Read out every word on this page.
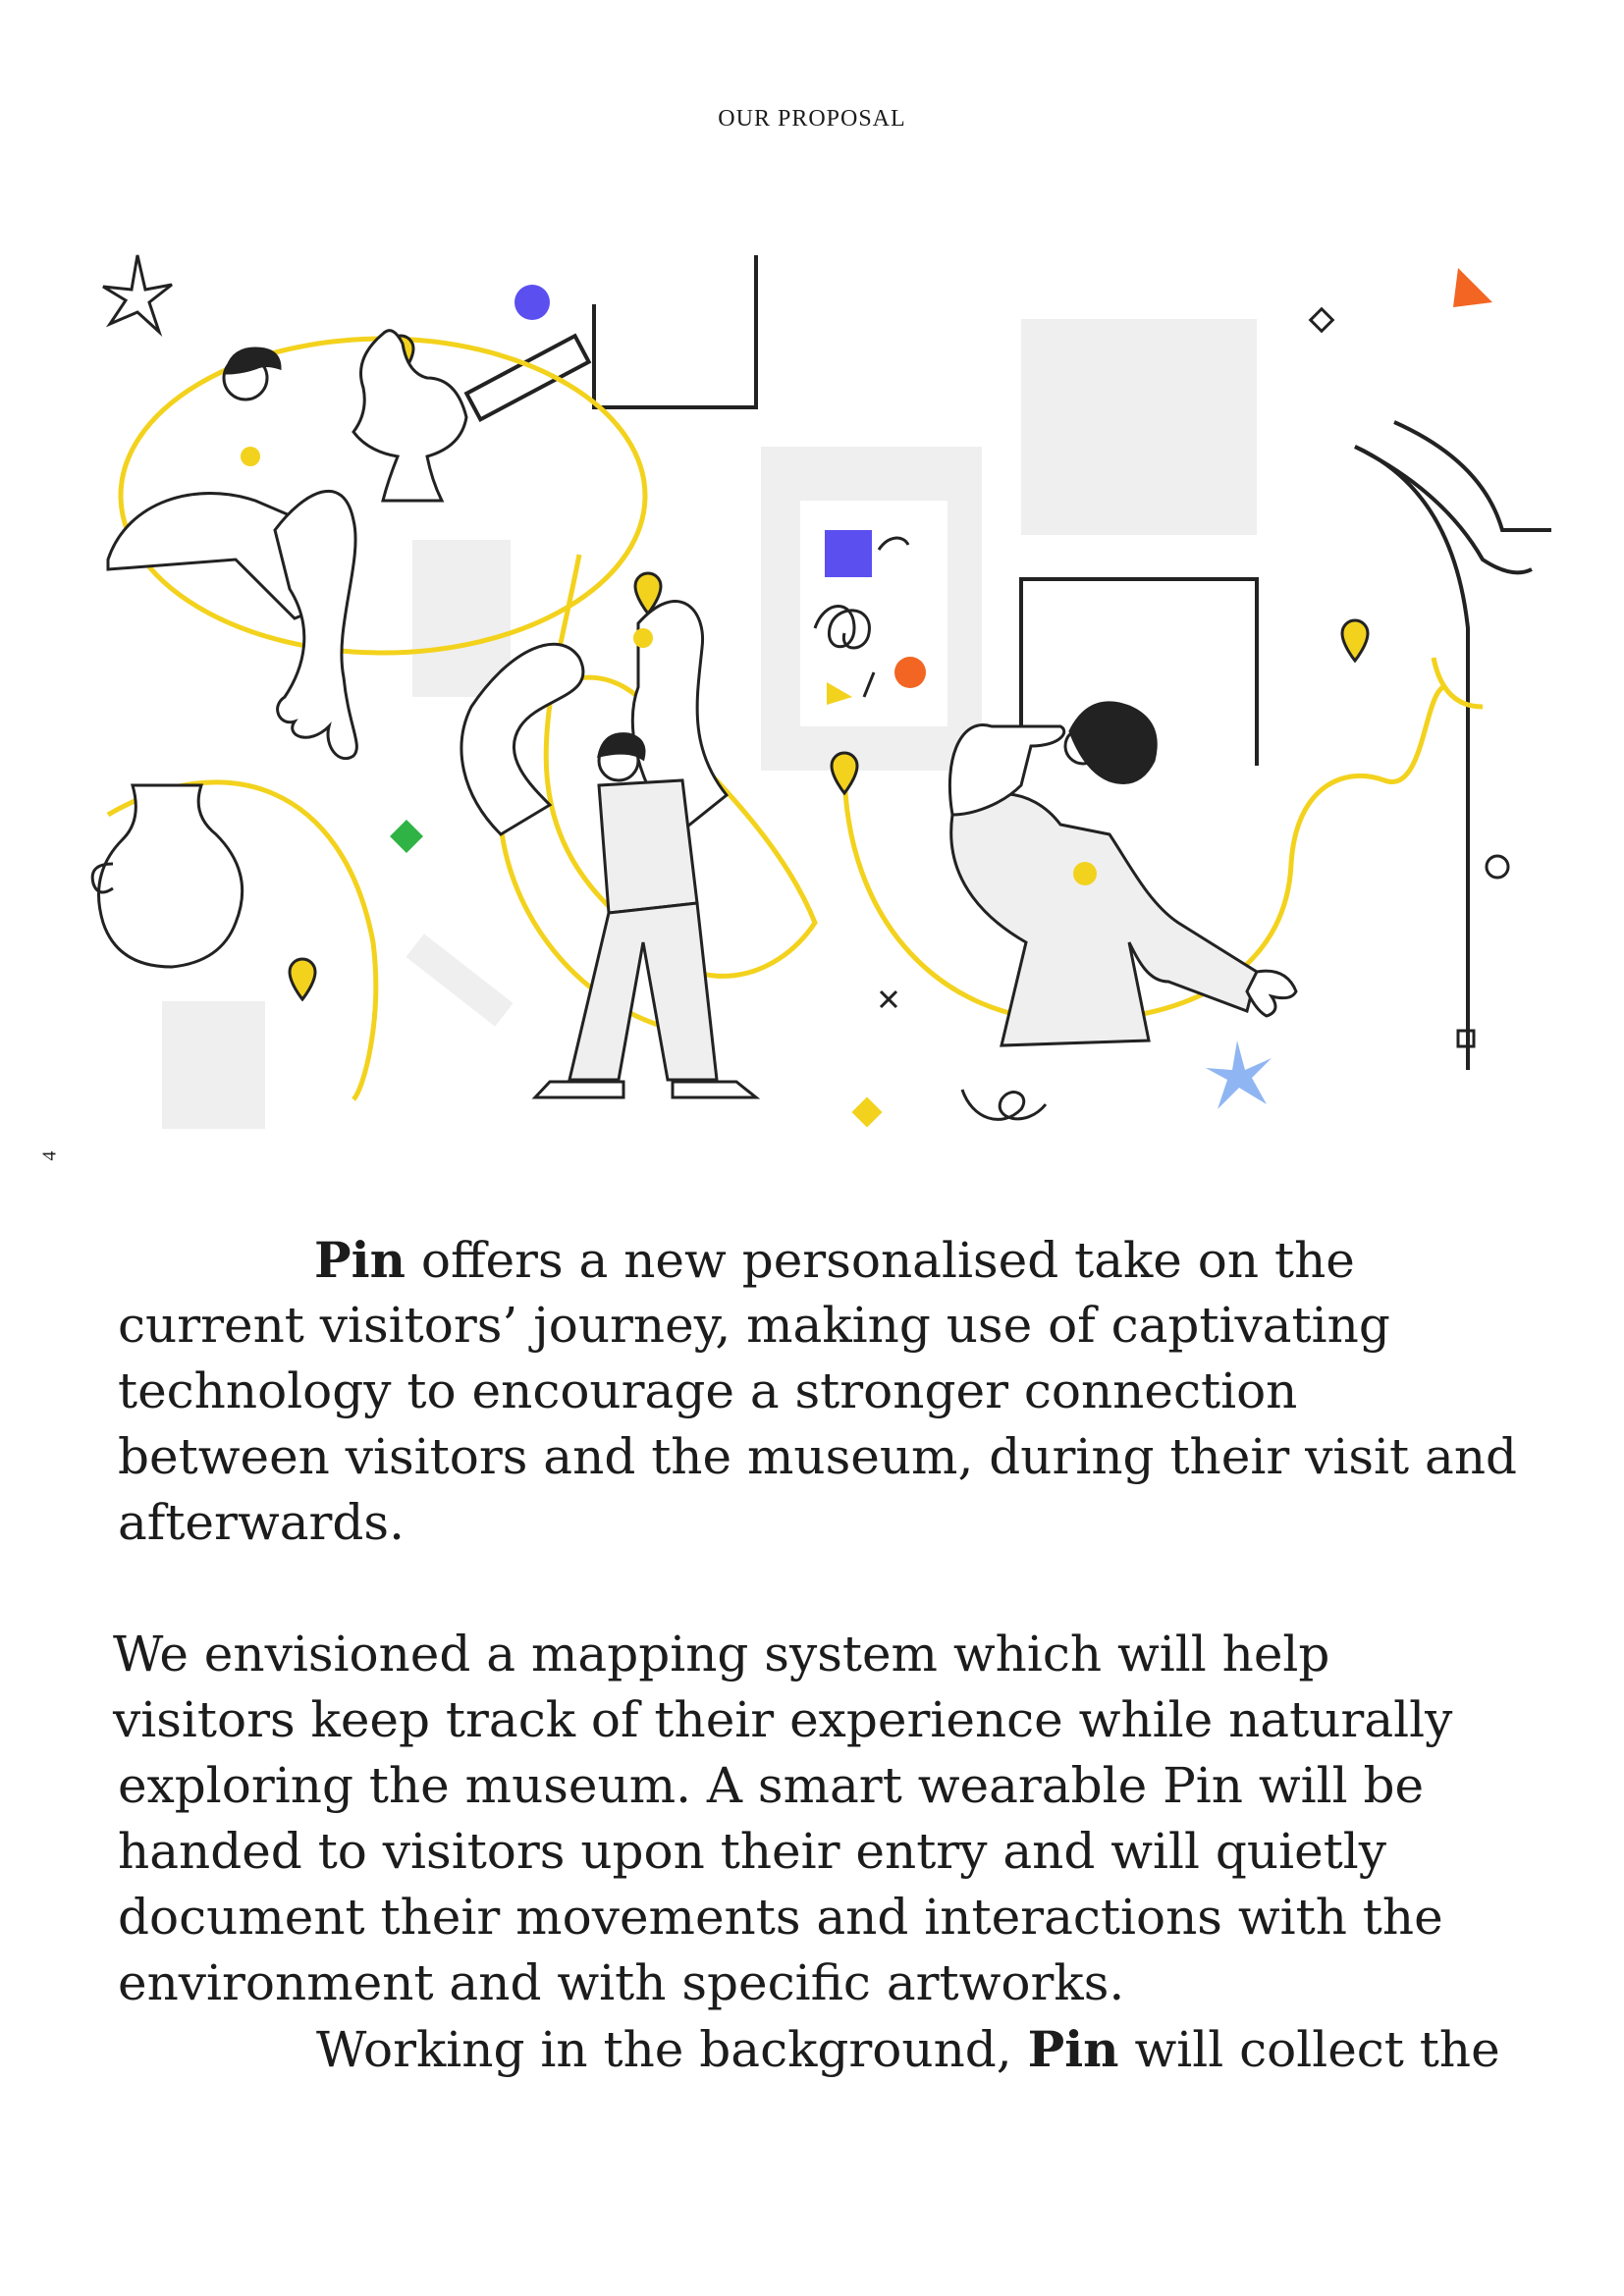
OUR PROPOSAL
4
Pin offers a new personalised take on the
current visitors’ journey, making use of captivating
technology to encourage a stronger connection
between visitors and the museum, during their visit and
afterwards.
We envisioned a mapping system which will help
visitors keep track of their experience while naturally
exploring the museum. A smart wearable Pin will be
handed to visitors upon their entry and will quietly
document their movements and interactions with the
environment and with specific artworks.
Working in the background, Pin will collect the
